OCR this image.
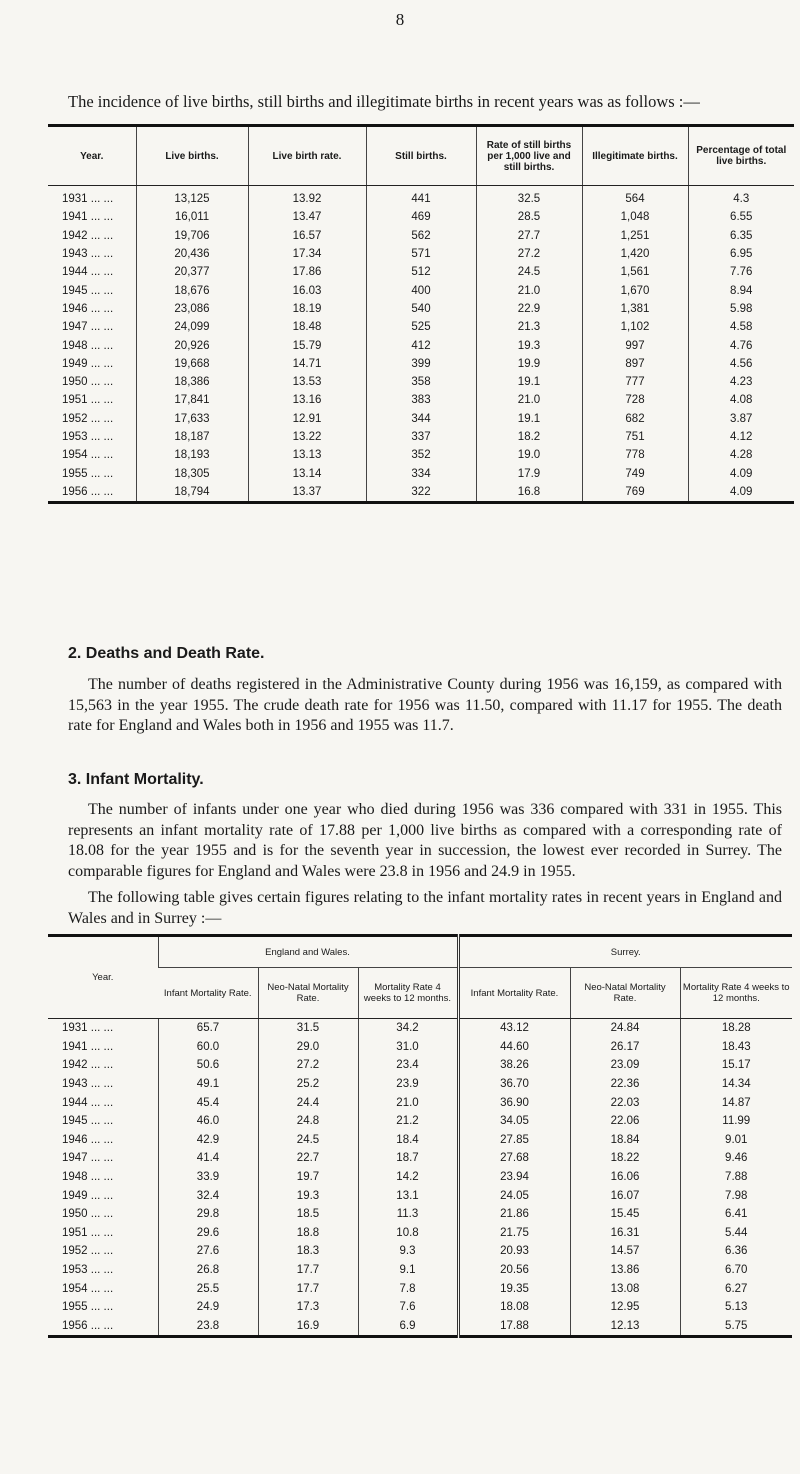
8
The incidence of live births, still births and illegitimate births in recent years was as follows :—
Year.	Live births.	Live birth rate.	Still births.	Rate of still births per 1,000 live and still births.	Illegitimate births.	Percentage of total live births.
1931 ... ...	13,125	13.92	441	32.5	564	4.3
1941 ... ...	16,011	13.47	469	28.5	1,048	6.55
1942 ... ...	19,706	16.57	562	27.7	1,251	6.35
1943 ... ...	20,436	17.34	571	27.2	1,420	6.95
1944 ... ...	20,377	17.86	512	24.5	1,561	7.76
1945 ... ...	18,676	16.03	400	21.0	1,670	8.94
1946 ... ...	23,086	18.19	540	22.9	1,381	5.98
1947 ... ...	24,099	18.48	525	21.3	1,102	4.58
1948 ... ...	20,926	15.79	412	19.3	997	4.76
1949 ... ...	19,668	14.71	399	19.9	897	4.56
1950 ... ...	18,386	13.53	358	19.1	777	4.23
1951 ... ...	17,841	13.16	383	21.0	728	4.08
1952 ... ...	17,633	12.91	344	19.1	682	3.87
1953 ... ...	18,187	13.22	337	18.2	751	4.12
1954 ... ...	18,193	13.13	352	19.0	778	4.28
1955 ... ...	18,305	13.14	334	17.9	749	4.09
1956 ... ...	18,794	13.37	322	16.8	769	4.09
2. Deaths and Death Rate.
The number of deaths registered in the Administrative County during 1956 was 16,159, as compared with 15,563 in the year 1955. The crude death rate for 1956 was 11.50, compared with 11.17 for 1955. The death rate for England and Wales both in 1956 and 1955 was 11.7.
3. Infant Mortality.
The number of infants under one year who died during 1956 was 336 compared with 331 in 1955. This represents an infant mortality rate of 17.88 per 1,000 live births as compared with a corresponding rate of 18.08 for the year 1955 and is for the seventh year in succession, the lowest ever recorded in Surrey. The comparable figures for England and Wales were 23.8 in 1956 and 24.9 in 1955.
The following table gives certain figures relating to the infant mortality rates in recent years in England and Wales and in Surrey :—
Year.	England and Wales.			Surrey.		
	Infant Mortality Rate.	Neo-Natal Mortality Rate.	Mortality Rate 4 weeks to 12 months.	Infant Mortality Rate.	Neo-Natal Mortality Rate.	Mortality Rate 4 weeks to 12 months.
1931 ... ...	65.7	31.5	34.2	43.12	24.84	18.28
1941 ... ...	60.0	29.0	31.0	44.60	26.17	18.43
1942 ... ...	50.6	27.2	23.4	38.26	23.09	15.17
1943 ... ...	49.1	25.2	23.9	36.70	22.36	14.34
1944 ... ...	45.4	24.4	21.0	36.90	22.03	14.87
1945 ... ...	46.0	24.8	21.2	34.05	22.06	11.99
1946 ... ...	42.9	24.5	18.4	27.85	18.84	9.01
1947 ... ...	41.4	22.7	18.7	27.68	18.22	9.46
1948 ... ...	33.9	19.7	14.2	23.94	16.06	7.88
1949 ... ...	32.4	19.3	13.1	24.05	16.07	7.98
1950 ... ...	29.8	18.5	11.3	21.86	15.45	6.41
1951 ... ...	29.6	18.8	10.8	21.75	16.31	5.44
1952 ... ...	27.6	18.3	9.3	20.93	14.57	6.36
1953 ... ...	26.8	17.7	9.1	20.56	13.86	6.70
1954 ... ...	25.5	17.7	7.8	19.35	13.08	6.27
1955 ... ...	24.9	17.3	7.6	18.08	12.95	5.13
1956 ... ...	23.8	16.9	6.9	17.88	12.13	5.75
